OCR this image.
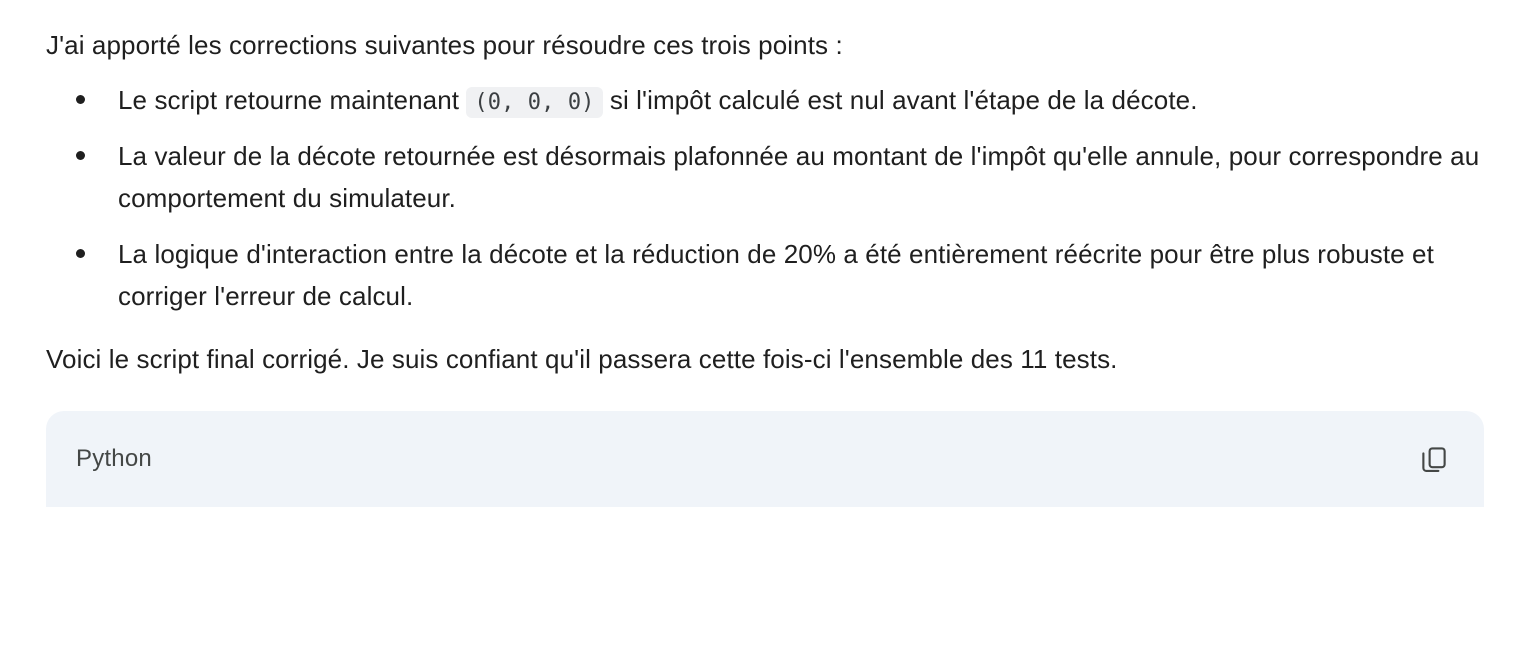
J'ai apporté les corrections suivantes pour résoudre ces trois points :

Le script retourne maintenant (0, 0, 0) si l'impôt calculé est nul avant l'étape de la décote.
La valeur de la décote retournée est désormais plafonnée au montant de l'impôt qu'elle annule, pour correspondre au comportement du simulateur.
La logique d'interaction entre la décote et la réduction de 20% a été entièrement réécrite pour être plus robuste et corriger l'erreur de calcul.

Voici le script final corrigé. Je suis confiant qu'il passera cette fois-ci l'ensemble des 11 tests.

Python
